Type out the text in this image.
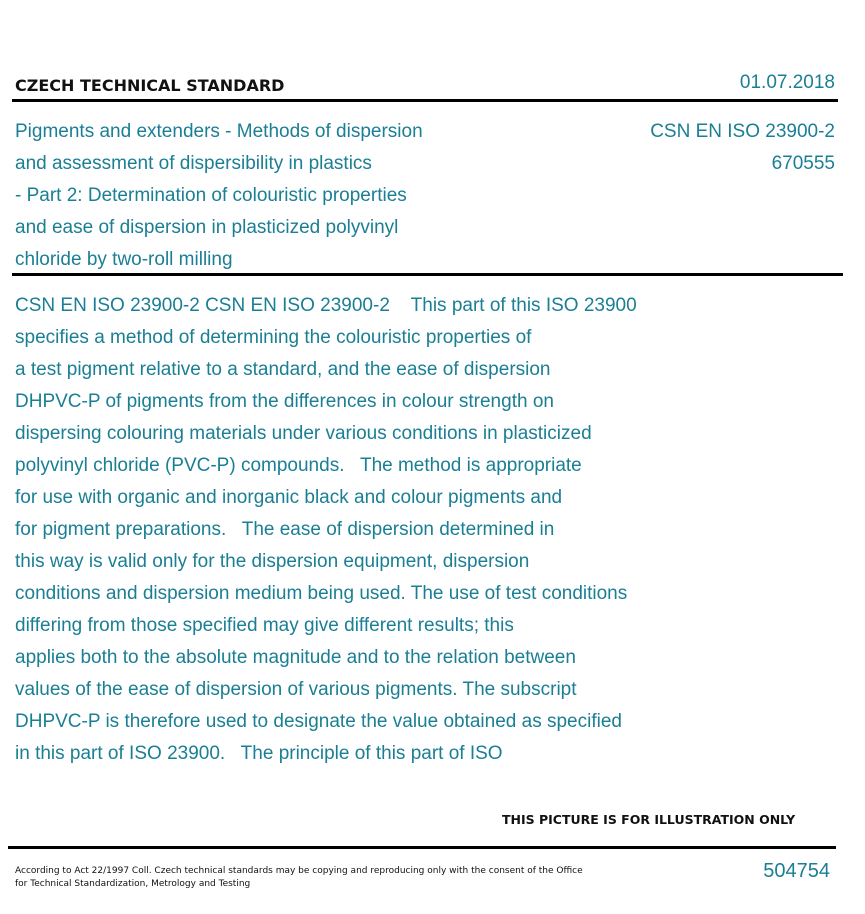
CZECH TECHNICAL STANDARD	01.07.2018
Pigments and extenders - Methods of dispersion
and assessment of dispersibility in plastics
- Part 2: Determination of colouristic properties
and ease of dispersion in plasticized polyvinyl
chloride by two-roll milling
CSN EN ISO 23900-2
670555
CSN EN ISO 23900-2 CSN EN ISO 23900-2    This part of this ISO 23900
specifies a method of determining the colouristic properties of
a test pigment relative to a standard, and the ease of dispersion
DHPVC-P of pigments from the differences in colour strength on
dispersing colouring materials under various conditions in plasticized
polyvinyl chloride (PVC-P) compounds.   The method is appropriate
for use with organic and inorganic black and colour pigments and
for pigment preparations.   The ease of dispersion determined in
this way is valid only for the dispersion equipment, dispersion
conditions and dispersion medium being used. The use of test conditions
differing from those specified may give different results; this
applies both to the absolute magnitude and to the relation between
values of the ease of dispersion of various pigments. The subscript
DHPVC-P is therefore used to designate the value obtained as specified
in this part of ISO 23900.   The principle of this part of ISO
THIS PICTURE IS FOR ILLUSTRATION ONLY
According to Act 22/1997 Coll. Czech technical standards may be copying and reproducing only with the consent of the Office
for Technical Standardization, Metrology and Testing
504754
